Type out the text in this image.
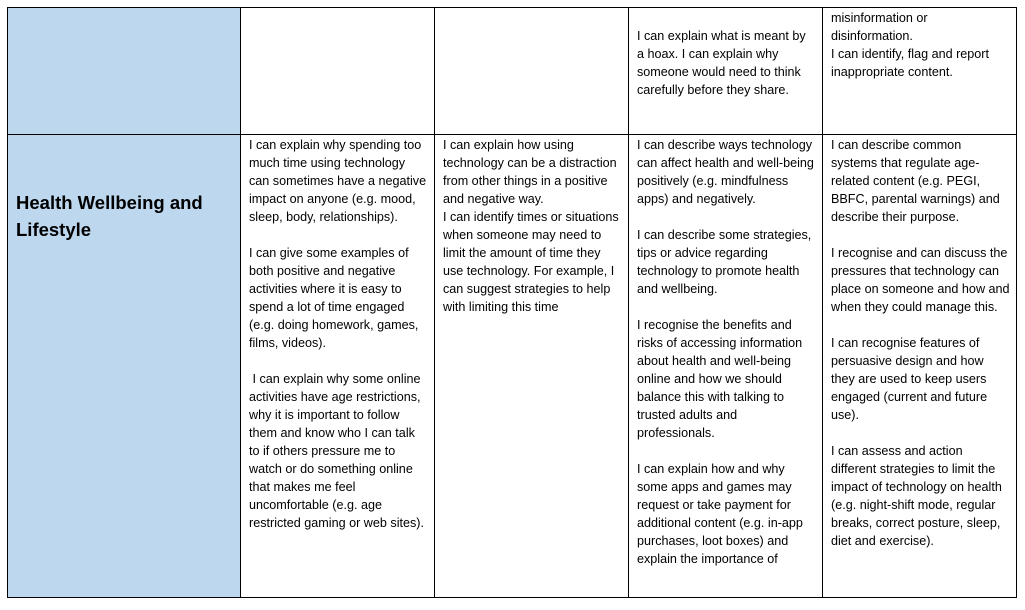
I can explain what is meant by a hoax. I can explain why someone would need to think carefully before they share.

misinformation or disinformation.

I can identify, flag and report inappropriate content.

Health Wellbeing and Lifestyle

I can explain why spending too much time using technology can sometimes have a negative impact on anyone (e.g. mood, sleep, body, relationships).

I can give some examples of both positive and negative activities where it is easy to spend a lot of time engaged (e.g. doing homework, games, films, videos).

I can explain why some online activities have age restrictions, why it is important to follow them and know who I can talk to if others pressure me to watch or do something online that makes me feel uncomfortable (e.g. age restricted gaming or web sites).

I can explain how using technology can be a distraction from other things in a positive and negative way.

I can identify times or situations when someone may need to limit the amount of time they use technology. For example, I can suggest strategies to help with limiting this time

I can describe ways technology can affect health and well-being positively (e.g. mindfulness apps) and negatively.

I can describe some strategies, tips or advice regarding technology to promote health and wellbeing.

I recognise the benefits and risks of accessing information about health and well-being online and how we should balance this with talking to trusted adults and professionals.

I can explain how and why some apps and games may request or take payment for additional content (e.g. in-app purchases, loot boxes) and explain the importance of

I can describe common systems that regulate age-related content (e.g. PEGI, BBFC, parental warnings) and describe their purpose.

I recognise and can discuss the pressures that technology can place on someone and how and when they could manage this.

I can recognise features of persuasive design and how they are used to keep users engaged (current and future use).

I can assess and action different strategies to limit the impact of technology on health (e.g. night-shift mode, regular breaks, correct posture, sleep, diet and exercise).
